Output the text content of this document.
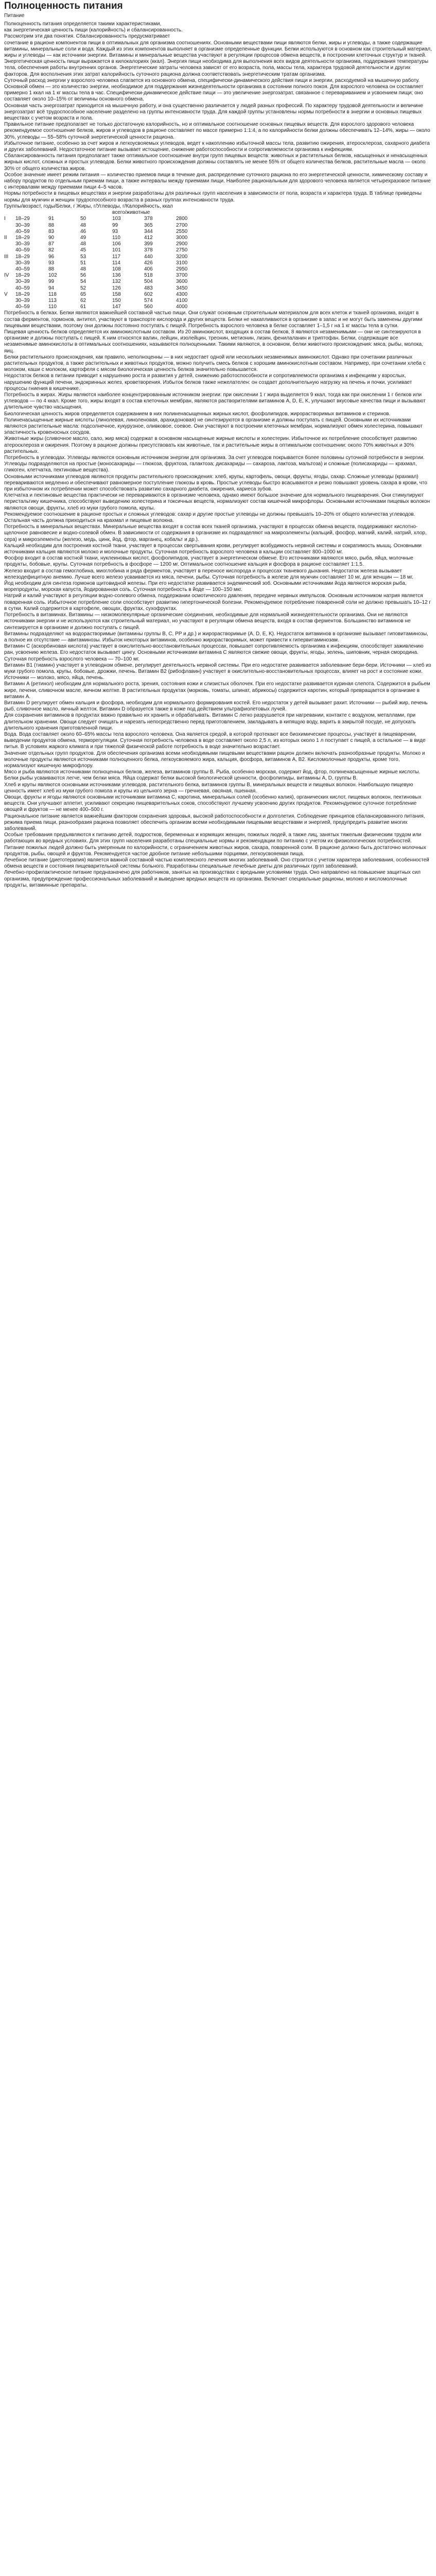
Полноценность питания
Питание

Полноценность питания определяется такими характеристиками,

как энергетическая ценность пищи (калорийность) и сбалансированность.

Рассмотрим эти два понятия. Сбалансированность предусматривает

сочетание в рационе компонентов пищи в оптимальных для организма соотношениях. Основными веществами пищи являются белки, жиры и углеводы, а также содержащие витамины, минеральные соли и вода. Каждый из этих компонентов выполняет в организме определенные функции. Белки используются в основном как строительный материал, жиры и углеводы — как источники энергии. Витамины и минеральные вещества участвуют в регуляции процессов обмена веществ, в построении клеточных структур и тканей.

Энергетическая ценность пищи выражается в килокалориях (ккал). Энергия пищи необходима для выполнения всех видов деятельности организма, поддержания температуры тела, обеспечения работы внутренних органов. Энергетические затраты человека зависят от его возраста, пола, массы тела, характера трудовой деятельности и других факторов. Для восполнения этих затрат калорийность суточного рациона должна соответствовать энергетическим тратам организма.

Суточный расход энергии у взрослого человека слагается из основного обмена, специфически-динамического действия пищи и энергии, расходуемой на мышечную работу. Основной обмен — это количество энергии, необходимое для поддержания жизнедеятельности организма в состоянии полного покоя. Для взрослого человека он составляет примерно 1 ккал на 1 кг массы тела в час. Специфически-динамическое действие пищи — это увеличение энергозатрат, связанное с перевариванием и усвоением пищи; оно составляет около 10–15% от величины основного обмена.

Основная часть энергозатрат приходится на мышечную работу, и она существенно различается у людей разных профессий. По характеру трудовой деятельности и величине энергозатрат всё трудоспособное население разделено на группы интенсивности труда. Для каждой группы установлены нормы потребности в энергии и основных пищевых веществах с учетом возраста и пола.

Правильное питание предполагает не только достаточную калорийность, но и оптимальное соотношение основных пищевых веществ. Для взрослого здорового человека рекомендуемое соотношение белков, жиров и углеводов в рационе составляет по массе примерно 1:1:4, а по калорийности белки должны обеспечивать 12–14%, жиры — около 30%, углеводы — 55–58% суточной энергетической ценности рациона.

Избыточное питание, особенно за счет жиров и легкоусвояемых углеводов, ведет к накоплению избыточной массы тела, развитию ожирения, атеросклероза, сахарного диабета и других заболеваний. Недостаточное питание вызывает истощение, снижение работоспособности и сопротивляемости организма к инфекциям.

Сбалансированность питания предполагает также оптимальное соотношение внутри групп пищевых веществ: животных и растительных белков, насыщенных и ненасыщенных жирных кислот, сложных и простых углеводов. Белки животного происхождения должны составлять не менее 55% от общего количества белков, растительные масла — около 30% от общего количества жиров.

Особое значение имеет режим питания — количество приемов пищи в течение дня, распределение суточного рациона по его энергетической ценности, химическому составу и набору продуктов по отдельным приемам пищи, а также интервалы между приемами пищи. Наиболее рациональным для здорового человека является четырехразовое питание с интервалами между приемами пищи 4–5 часов.

Нормы потребности в пищевых веществах и энергии разработаны для различных групп населения в зависимости от пола, возраста и характера труда. В таблице приведены нормы для мужчин и женщин трудоспособного возраста в разных группах интенсивности труда.

Группы/возраст, годы/Белки, г Жиры, г/Углеводы, г/Калорийность, ккал
всего/животные
I	18–29	91	50	103	378	2800
	30–39	88	48	99	365	2700
	40–59	83	46	93	344	2550
II	18–29	90	49	110	412	3000
	30–39	87	48	106	399	2900
	40–59	82	45	101	378	2750
III	18–29	96	53	117	440	3200
	30–39	93	51	114	426	3100
	40–59	88	48	108	406	2950
IV	18–29	102	56	136	518	3700
	30–39	99	54	132	504	3600
	40–59	94	52	126	483	3450
V	18–29	118	65	158	602	4300
	30–39	113	62	150	574	4100
	40–59	110	61	147	560	4000

Потребность в белках. Белки являются важнейшей составной частью пищи. Они служат основным строительным материалом для всех клеток и тканей организма, входят в состав ферментов, гормонов, антител, участвуют в транспорте кислорода и других веществ. Белки не накапливаются в организме в запас и не могут быть заменены другими пищевыми веществами, поэтому они должны постоянно поступать с пищей. Потребность взрослого человека в белке составляет 1–1,5 г на 1 кг массы тела в сутки.

Пищевая ценность белков определяется их аминокислотным составом. Из 20 аминокислот, входящих в состав белков, 8 являются незаменимыми — они не синтезируются в организме и должны поступать с пищей. К ним относятся валин, лейцин, изолейцин, треонин, метионин, лизин, фенилаланин и триптофан. Белки, содержащие все незаменимые аминокислоты в оптимальных соотношениях, называются полноценными. Такими являются, в основном, белки животного происхождения: мяса, рыбы, молока, яиц.

Белки растительного происхождения, как правило, неполноценны — в них недостает одной или нескольких незаменимых аминокислот. Однако при сочетании различных растительных продуктов, а также растительных и животных продуктов, можно получить смесь белков с хорошим аминокислотным составом. Например, при сочетании хлеба с молоком, каши с молоком, картофеля с мясом биологическая ценность белков значительно повышается.

Недостаток белков в питании приводит к нарушению роста и развития у детей, снижению работоспособности и сопротивляемости организма к инфекциям у взрослых, нарушению функций печени, эндокринных желез, кроветворения. Избыток белков также нежелателен: он создает дополнительную нагрузку на печень и почки, усиливает процессы гниения в кишечнике.

Потребность в жирах. Жиры являются наиболее концентрированным источником энергии: при окислении 1 г жира выделяется 9 ккал, тогда как при окислении 1 г белков или углеводов — по 4 ккал. Кроме того, жиры входят в состав клеточных мембран, являются растворителями витаминов A, D, E, K, улучшают вкусовые качества пищи и вызывают длительное чувство насыщения.

Биологическая ценность жиров определяется содержанием в них полиненасыщенных жирных кислот, фосфолипидов, жирорастворимых витаминов и стеринов. Полиненасыщенные жирные кислоты (линолевая, линоленовая, арахидоновая) не синтезируются в организме и должны поступать с пищей. Основными их источниками являются растительные масла: подсолнечное, кукурузное, оливковое, соевое. Они участвуют в построении клеточных мембран, нормализуют обмен холестерина, повышают эластичность кровеносных сосудов.

Животные жиры (сливочное масло, сало, жир мяса) содержат в основном насыщенные жирные кислоты и холестерин. Избыточное их потребление способствует развитию атеросклероза и ожирения. Поэтому в рационе должны присутствовать как животные, так и растительные жиры в оптимальном соотношении: около 70% животных и 30% растительных.

Потребность в углеводах. Углеводы являются основным источником энергии для организма. За счет углеводов покрывается более половины суточной потребности в энергии. Углеводы подразделяются на простые (моносахариды — глюкоза, фруктоза, галактоза; дисахариды — сахароза, лактоза, мальтоза) и сложные (полисахариды — крахмал, гликоген, клетчатка, пектиновые вещества).

Основными источниками углеводов являются продукты растительного происхождения: хлеб, крупы, картофель, овощи, фрукты, ягоды, сахар. Сложные углеводы (крахмал) перевариваются медленно и обеспечивают равномерное поступление глюкозы в кровь. Простые углеводы быстро всасываются и резко повышают уровень сахара в крови, что при избыточном их потреблении может способствовать развитию сахарного диабета, ожирения, кариеса зубов.

Клетчатка и пектиновые вещества практически не перевариваются в организме человека, однако имеют большое значение для нормального пищеварения. Они стимулируют перистальтику кишечника, способствуют выведению холестерина и токсичных веществ, нормализуют состав кишечной микрофлоры. Основными источниками пищевых волокон являются овощи, фрукты, хлеб из муки грубого помола, крупы.

Рекомендуемое соотношение в рационе простых и сложных углеводов: сахар и другие простые углеводы не должны превышать 10–20% от общего количества углеводов. Остальная часть должна приходиться на крахмал и пищевые волокна.

Потребность в минеральных веществах. Минеральные вещества входят в состав всех тканей организма, участвуют в процессах обмена веществ, поддерживают кислотно-щелочное равновесие и водно-солевой обмен. В зависимости от содержания в организме их подразделяют на макроэлементы (кальций, фосфор, магний, калий, натрий, хлор, сера) и микроэлементы (железо, медь, цинк, йод, фтор, марганец, кобальт и др.).

Кальций необходим для построения костной ткани, участвует в процессах свертывания крови, регулирует возбудимость нервной системы и сократимость мышц. Основными источниками кальция являются молоко и молочные продукты. Суточная потребность взрослого человека в кальции составляет 800–1000 мг.

Фосфор входит в состав костной ткани, нуклеиновых кислот, фосфолипидов, участвует в энергетическом обмене. Его источниками являются мясо, рыба, яйца, молочные продукты, бобовые, крупы. Суточная потребность в фосфоре — 1200 мг. Оптимальное соотношение кальция и фосфора в рационе составляет 1:1,5.

Железо входит в состав гемоглобина, миоглобина и ряда ферментов, участвует в переносе кислорода и процессах тканевого дыхания. Недостаток железа вызывает железодефицитную анемию. Лучше всего железо усваивается из мяса, печени, рыбы. Суточная потребность в железе для мужчин составляет 10 мг, для женщин — 18 мг.

Йод необходим для синтеза гормонов щитовидной железы. При его недостатке развивается эндемический зоб. Основными источниками йода являются морская рыба, морепродукты, морская капуста, йодированная соль. Суточная потребность в йоде — 100–150 мкг.

Натрий и калий участвуют в регуляции водно-солевого обмена, поддержании осмотического давления, передаче нервных импульсов. Основным источником натрия является поваренная соль. Избыточное потребление соли способствует развитию гипертонической болезни. Рекомендуемое потребление поваренной соли не должно превышать 10–12 г в сутки. Калий содержится в картофеле, овощах, фруктах, сухофруктах.

Потребность в витаминах. Витамины — низкомолекулярные органические соединения, необходимые для нормальной жизнедеятельности организма. Они не являются источниками энергии и не используются как строительный материал, но участвуют в регуляции обмена веществ, входя в состав ферментов. Большинство витаминов не синтезируется в организме и должно поступать с пищей.

Витамины подразделяют на водорастворимые (витамины группы B, C, PP и др.) и жирорастворимые (A, D, E, K). Недостаток витаминов в организме вызывает гиповитаминозы, а полное их отсутствие — авитаминозы. Избыток некоторых витаминов, особенно жирорастворимых, может привести к гипервитаминозам.

Витамин C (аскорбиновая кислота) участвует в окислительно-восстановительных процессах, повышает сопротивляемость организма к инфекциям, способствует заживлению ран, усвоению железа. Его недостаток вызывает цингу. Основными источниками витамина C являются свежие овощи, фрукты, ягоды, зелень, шиповник, черная смородина. Суточная потребность взрослого человека — 70–100 мг.

Витамин B1 (тиамин) участвует в углеводном обмене, регулирует деятельность нервной системы. При его недостатке развивается заболевание бери-бери. Источники — хлеб из муки грубого помола, крупы, бобовые, дрожжи, печень. Витамин B2 (рибофлавин) участвует в окислительно-восстановительных процессах, влияет на рост и состояние кожи. Источники — молоко, мясо, яйца, печень.

Витамин A (ретинол) необходим для нормального роста, зрения, состояния кожи и слизистых оболочек. При его недостатке развивается куриная слепота. Содержится в рыбьем жире, печени, сливочном масле, яичном желтке. В растительных продуктах (морковь, томаты, шпинат, абрикосы) содержится каротин, который превращается в организме в витамин A.

Витамин D регулирует обмен кальция и фосфора, необходим для нормального формирования костей. Его недостаток у детей вызывает рахит. Источники — рыбий жир, печень рыб, сливочное масло, яичный желток. Витамин D образуется также в коже под действием ультрафиолетовых лучей.

Для сохранения витаминов в продуктах важно правильно их хранить и обрабатывать. Витамин C легко разрушается при нагревании, контакте с воздухом, металлами, при длительном хранении. Овощи следует очищать и нарезать непосредственно перед приготовлением, закладывать в кипящую воду, варить в закрытой посуде, не допускать длительного хранения приготовленной пищи.

Вода. Вода составляет около 60–65% массы тела взрослого человека. Она является средой, в которой протекают все биохимические процессы, участвует в пищеварении, выведении продуктов обмена, терморегуляции. Суточная потребность человека в воде составляет около 2,5 л, из которых около 1 л поступает с пищей, а остальное — в виде питья. В условиях жаркого климата и при тяжелой физической работе потребность в воде значительно возрастает.

Значение отдельных групп продуктов. Для обеспечения организма всеми необходимыми пищевыми веществами рацион должен включать разнообразные продукты. Молоко и молочные продукты являются источниками полноценного белка, легкоусвояемого жира, кальция, фосфора, витаминов A, B2. Кисломолочные продукты, кроме того, нормализуют кишечную микрофлору.

Мясо и рыба являются источниками полноценных белков, железа, витаминов группы B. Рыба, особенно морская, содержит йод, фтор, полиненасыщенные жирные кислоты. Белки рыбы усваиваются легче, чем белки мяса. Яйца содержат белки высокой биологической ценности, фосфолипиды, витамины A, D, группы B.

Хлеб и крупы являются основными источниками углеводов, растительного белка, витаминов группы B, минеральных веществ и пищевых волокон. Наибольшую пищевую ценность имеет хлеб из муки грубого помола и крупы из цельного зерна — гречневая, овсяная, пшенная.

Овощи, фрукты и ягоды являются основными источниками витамина C, каротина, минеральных солей (особенно калия), органических кислот, пищевых волокон, пектиновых веществ. Они улучшают аппетит, усиливают секрецию пищеварительных соков, способствуют лучшему усвоению других продуктов. Рекомендуемое суточное потребление овощей и фруктов — не менее 400–500 г.

Рациональное питание является важнейшим фактором сохранения здоровья, высокой работоспособности и долголетия. Соблюдение принципов сбалансированного питания, режима приема пищи, разнообразия рациона позволяет обеспечить организм всеми необходимыми пищевыми веществами и энергией, предупредить развитие многих заболеваний.

Особые требования предъявляются к питанию детей, подростков, беременных и кормящих женщин, пожилых людей, а также лиц, занятых тяжелым физическим трудом или работающих во вредных условиях. Для этих групп населения разработаны специальные нормы и рекомендации по питанию с учетом их физиологических потребностей.

Питание пожилых людей должно быть умеренным по калорийности, с ограничением животных жиров, сахара, поваренной соли. В рационе должно быть достаточно молочных продуктов, рыбы, овощей и фруктов. Рекомендуется частое дробное питание небольшими порциями, легкоусвояемая пища.

Лечебное питание (диетотерапия) является важной составной частью комплексного лечения многих заболеваний. Оно строится с учетом характера заболевания, особенностей обмена веществ и состояния пищеварительной системы больного. Разработаны специальные лечебные диеты для различных групп заболеваний.

Лечебно-профилактическое питание предназначено для работников, занятых на производствах с вредными условиями труда. Оно направлено на повышение защитных сил организма, предупреждение профессиональных заболеваний и выведение вредных веществ из организма. Включает специальные рационы, молоко и кисломолочные продукты, витаминные препараты.
